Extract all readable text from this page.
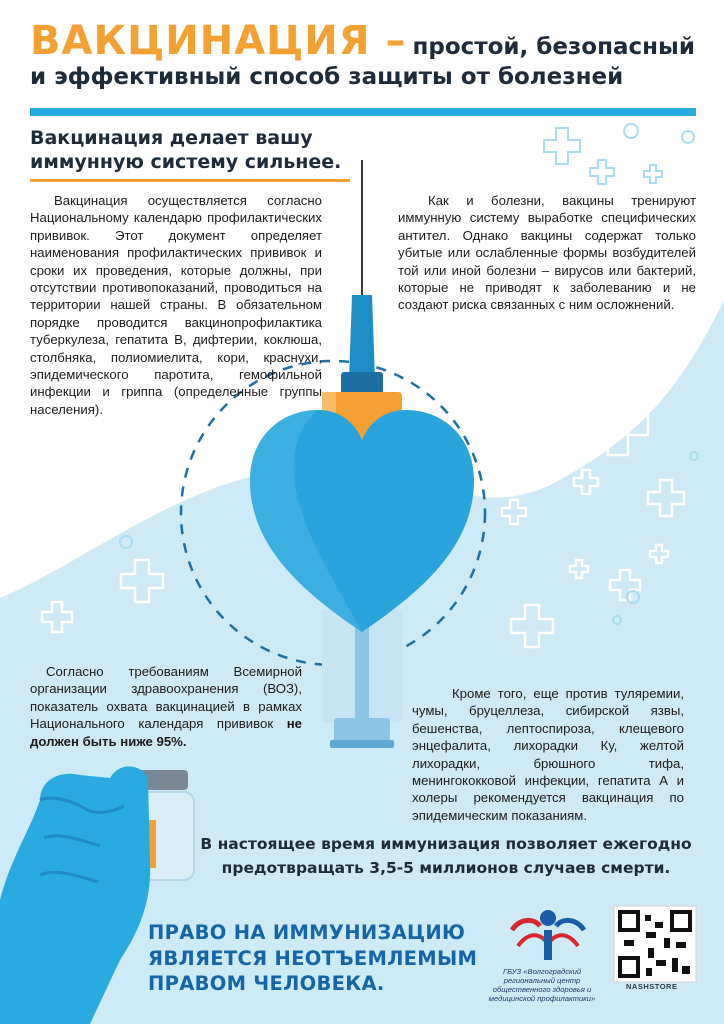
ВАКЦИНАЦИЯ – простой, безопасный
и эффективный способ защиты от болезней
Вакцинация делает вашу иммунную систему сильнее.
Вакцинация осуществляется согласно Национальному календарю профилактических прививок. Этот документ определяет наименования профилактических прививок и сроки их проведения, которые должны, при отсутствии противопоказаний, проводиться на территории нашей страны. В обязательном порядке проводится вакцинопрофилактика туберкулеза, гепатита В, дифтерии, коклюша, столбняка, полиомиелита, кори, краснухи, эпидемического паротита, гемофильной инфекции и гриппа (определенные группы населения).
Как и болезни, вакцины тренируют иммунную систему выработке специфических антител. Однако вакцины содержат только убитые или ослабленные формы возбудителей той или иной болезни – вирусов или бактерий, которые не приводят к заболеванию и не создают риска связанных с ним осложнений.
Согласно требованиям Всемирной организации здравоохранения (ВОЗ), показатель охвата вакцинацией в рамках Национального календаря прививок не должен быть ниже 95%.
Кроме того, еще против туляремии, чумы, бруцеллеза, сибирской язвы, бешенства, лептоспироза, клещевого энцефалита, лихорадки Ку, желтой лихорадки, брюшного тифа, менингококковой инфекции, гепатита А и холеры рекомендуется вакцинация по эпидемическим показаниям.
В настоящее время иммунизация позволяет ежегодно предотвращать 3,5-5 миллионов случаев смерти.
ПРАВО НА ИММУНИЗАЦИЮ ЯВЛЯЕТСЯ НЕОТЪЕМЛЕМЫМ ПРАВОМ ЧЕЛОВЕКА.
ГБУЗ «Волгоградский региональный центр общественного здоровья и медицинской профилактики»
NASHSTORE
